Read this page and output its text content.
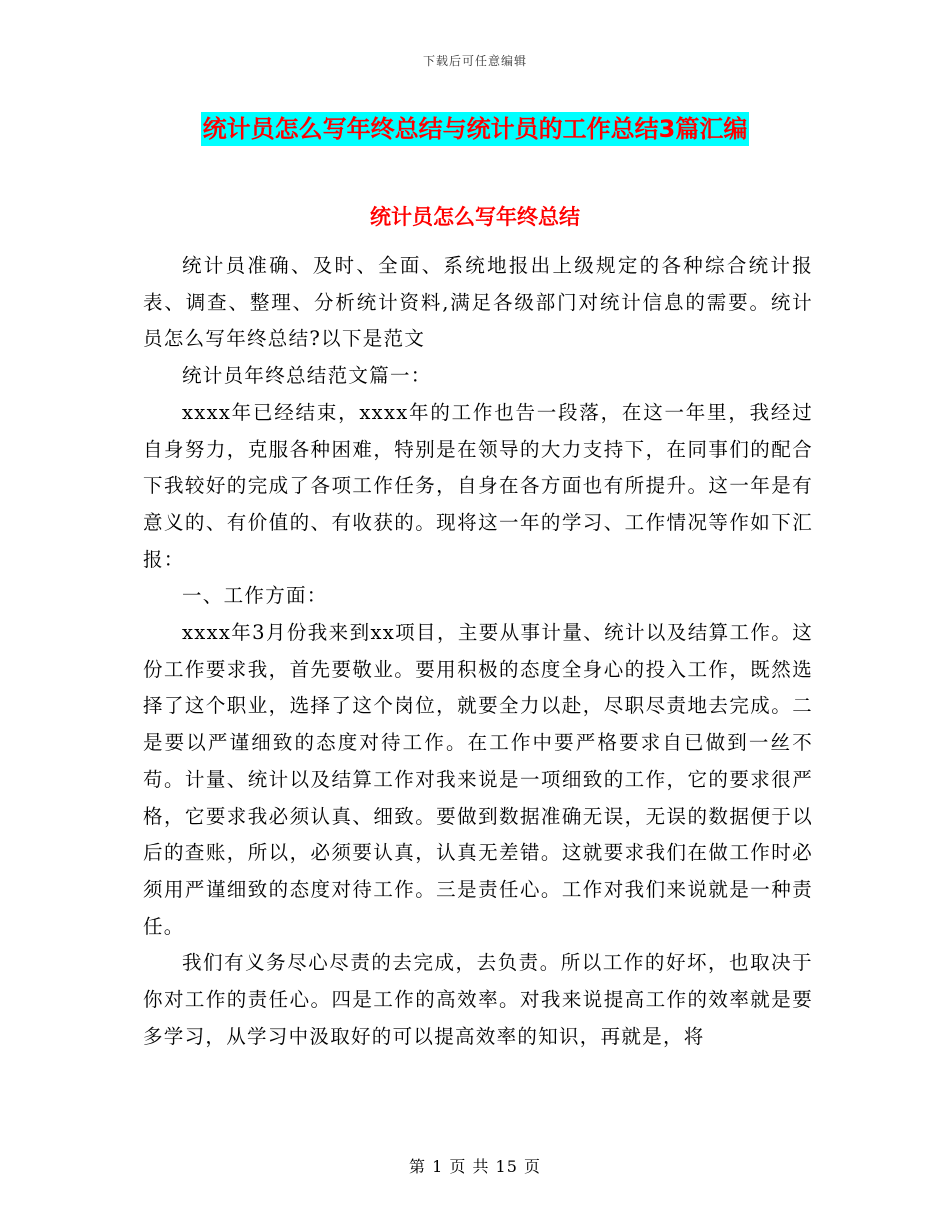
下载后可任意编辑
统计员怎么写年终总结与统计员的工作总结3篇汇编
统计员怎么写年终总结

统计员准确、及时、全面、系统地报出上级规定的各种综合统计报表、调查、整理、分析统计资料,满足各级部门对统计信息的需要。统计员怎么写年终总结?以下是范文

统计员年终总结范文篇一：

xxxx年已经结束，xxxx年的工作也告一段落，在这一年里，我经过自身努力，克服各种困难，特别是在领导的大力支持下，在同事们的配合下我较好的完成了各项工作任务，自身在各方面也有所提升。这一年是有意义的、有价值的、有收获的。现将这一年的学习、工作情况等作如下汇报：

一、工作方面：

xxxx年3月份我来到xx项目，主要从事计量、统计以及结算工作。这份工作要求我，首先要敬业。要用积极的态度全身心的投入工作，既然选择了这个职业，选择了这个岗位，就要全力以赴，尽职尽责地去完成。二是要以严谨细致的态度对待工作。在工作中要严格要求自已做到一丝不苟。计量、统计以及结算工作对我来说是一项细致的工作，它的要求很严格，它要求我必须认真、细致。要做到数据准确无误，无误的数据便于以后的查账，所以，必须要认真，认真无差错。这就要求我们在做工作时必须用严谨细致的态度对待工作。三是责任心。工作对我们来说就是一种责任。

我们有义务尽心尽责的去完成，去负责。所以工作的好坏，也取决于你对工作的责任心。四是工作的高效率。对我来说提高工作的效率就是要多学习，从学习中汲取好的可以提高效率的知识，再就是，将

第 1 页 共 15 页
